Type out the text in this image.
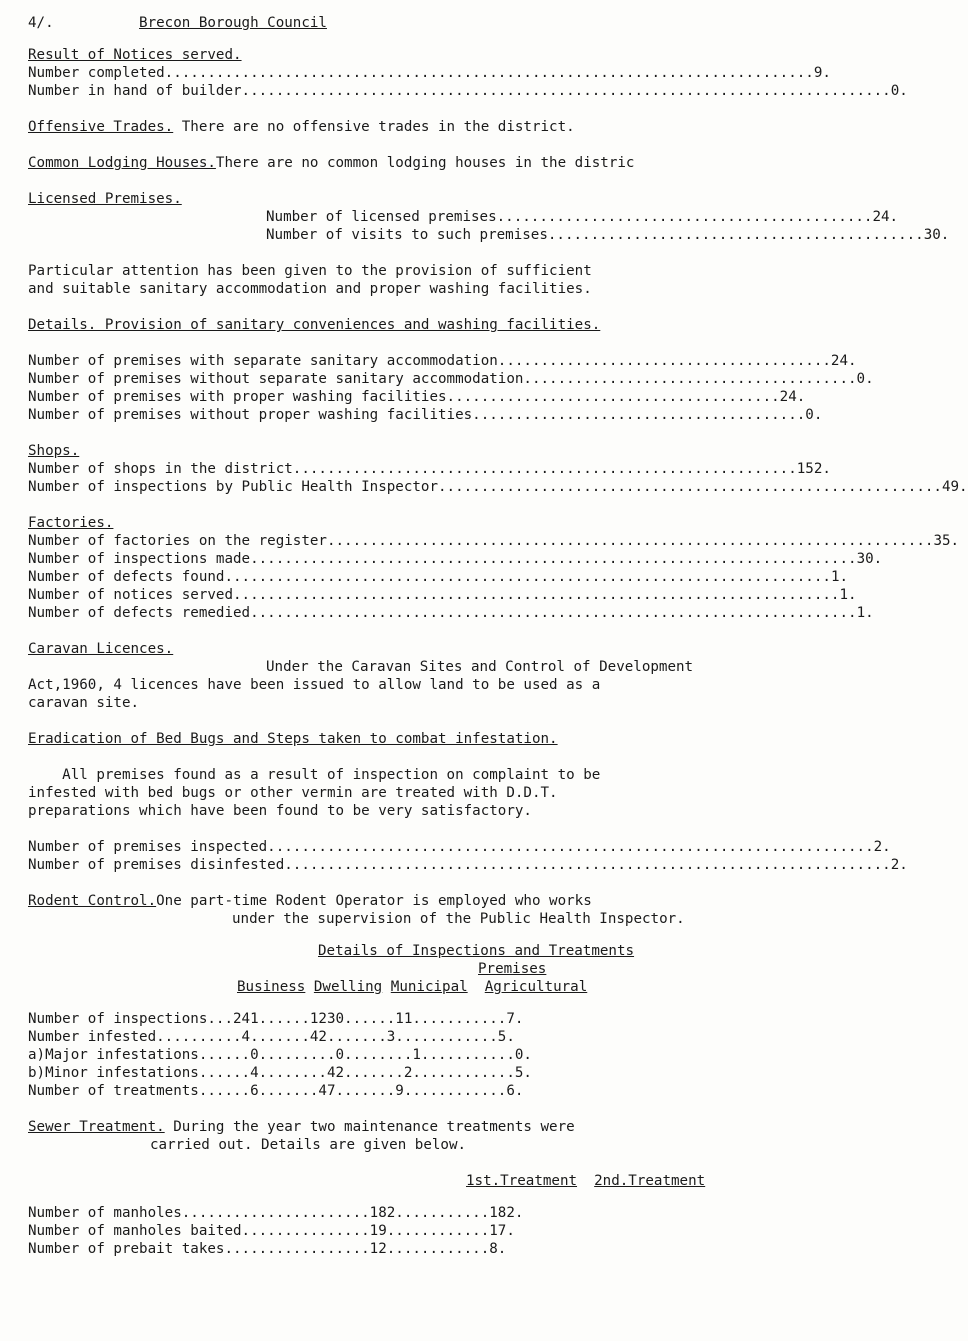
4/.	Brecon Borough Council
Result of Notices served.
Number completed ............................................................................ 9.
Number in hand of builder ............................................................................ 0.
Offensive Trades. There are no offensive trades in the district.
Common Lodging Houses.There are no common lodging houses in the distric
Licensed Premises.
Number of licensed premises ............................................ 24.
Number of visits to such premises ............................................ 30.
Particular attention has been given to the provision of sufficient
and suitable sanitary accommodation and proper washing facilities.
Details. Provision of sanitary conveniences and washing facilities.
Number of premises with separate sanitary accommodation ....................................... 24.
Number of premises without separate sanitary accommodation ....................................... 0.
Number of premises with proper washing facilities ....................................... 24.
Number of premises without proper washing facilities ....................................... 0.
Shops.
Number of shops in the district ........................................................... 152.
Number of inspections by Public Health Inspector ........................................................... 49.
Factories.
Number of factories on the register ....................................................................... 35.
Number of inspections made ....................................................................... 30.
Number of defects found ....................................................................... 1.
Number of notices served ....................................................................... 1.
Number of defects remedied ....................................................................... 1.
Caravan Licences.
Under the Caravan Sites and Control of Development
Act,1960, 4 licences have been issued to allow land to be used as a
caravan site.
Eradication of Bed Bugs and Steps taken to combat infestation.
All premises found as a result of inspection on complaint to be
infested with bed bugs or other vermin are treated with D.D.T.
preparations which have been found to be very satisfactory.
Number of premises inspected ....................................................................... 2.
Number of premises disinfested ....................................................................... 2.
Rodent Control.One part-time Rodent Operator is employed who works
under the supervision of the Public Health Inspector.
Details of Inspections and Treatments
Premises
Business Dwelling Municipal Agricultural
Number of inspections...241......1230......11...........7.
Number infested..........4.......42.......3............5.
a)Major infestations......0.........0........1...........0.
b)Minor infestations......4........42.......2............5.
Number of treatments......6.......47.......9............6.
Sewer Treatment. During the year two maintenance treatments were
carried out. Details are given below.
1st.Treatment 2nd.Treatment
Number of manholes......................182...........182.
Number of manholes baited...............19............17.
Number of prebait takes.................12............8.
